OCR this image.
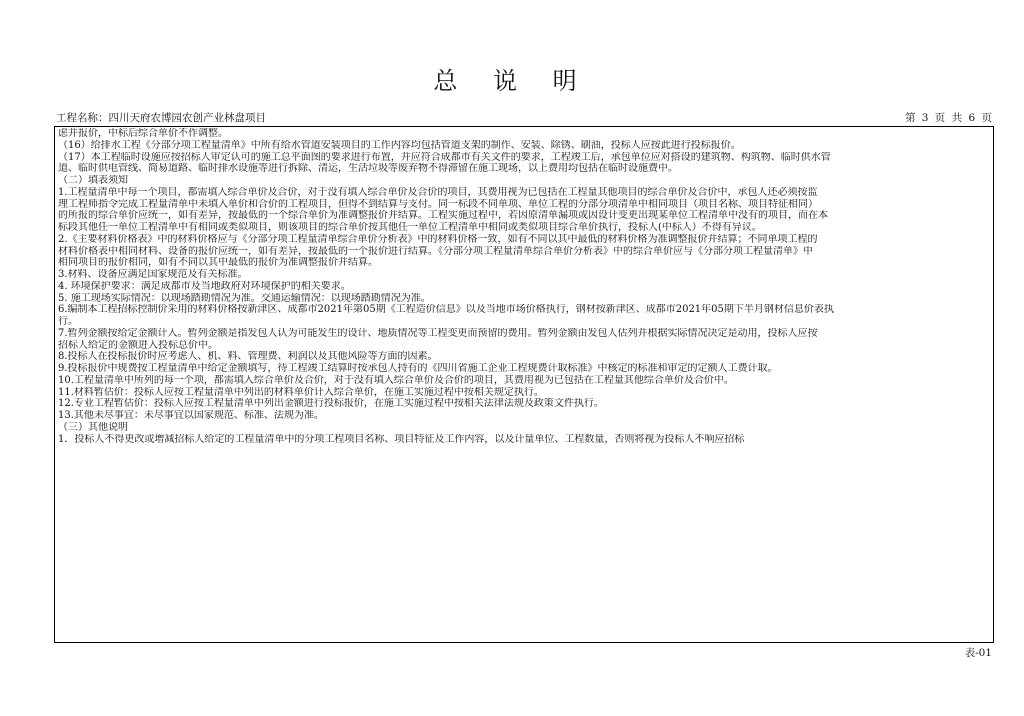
总 说 明
工程名称：四川天府农博园农创产业林盘项目	第 3 页 共 6 页
虑并报价，中标后综合单价不作调整。
（16）给排水工程《分部分项工程量清单》中所有给水管道安装项目的工作内容均包括管道支架的制作、安装、除锈、刷油，投标人应按此进行投标报价。
（17）本工程临时设施应按招标人审定认可的施工总平面图的要求进行布置，并应符合成都市有关文件的要求，工程竣工后，承包单位应对搭设的建筑物、构筑物、临时供水管
道、临时供电管线、简易道路、临时排水设施等进行拆除、清运，生活垃圾等废弃物不得滞留在施工现场，以上费用均包括在临时设施费中。
（二）填表须知
1.工程量清单中每一个项目，都需填入综合单价及合价，对于没有填入综合单价及合价的项目，其费用视为已包括在工程量其他项目的综合单价及合价中，承包人还必须按监
理工程师指令完成工程量清单中未填入单价和合价的工程项目，但得不到结算与支付。同一标段不同单项、单位工程的分部分项清单中相同项目（项目名称、项目特征相同）
的所报的综合单价应统一，如有差异，按最低的一个综合单价为准调整报价并结算。工程实施过程中，若因原清单漏项或因设计变更出现某单位工程清单中没有的项目，而在本
标段其他任一单位工程清单中有相同或类似项目，则该项目的综合单价按其他任一单位工程清单中相同或类似项目综合单价执行，投标人(中标人）不得有异议。
2.《主要材料价格表》中的材料价格应与《分部分项工程量清单综合单价分析表》中的材料价格一致，如有不同以其中最低的材料价格为准调整报价并结算；不同单项工程的
材料价格表中相同材料、设备的报价应统一，如有差异，按最低的一个报价进行结算。《分部分项工程量清单综合单价分析表》中的综合单价应与《分部分项工程量清单》中
相同项目的报价相同，如有不同以其中最低的报价为准调整报价并结算。
3.材料、设备应满足国家规范及有关标准。
4. 环境保护要求：满足成都市及当地政府对环境保护的相关要求。
5. 施工现场实际情况：以现场踏勘情况为准。交通运输情况：以现场踏勘情况为准。
6.编制本工程招标控制价采用的材料价格按新津区、成都市2021年第05期《工程造价信息》以及当地市场价格执行，钢材按新津区、成都市2021年05期下半月钢材信息价表执
行。
7.暂列金额按给定金额计入。暂列金额是指发包人认为可能发生的设计、地质情况等工程变更而预留的费用。暂列金额由发包人估列并根据实际情况决定是动用，投标人应按
招标人给定的金额进入投标总价中。
8.投标人在投标报价时应考虑人、机、料、管理费、利润以及其他风险等方面的因素。
9.投标报价中规费按工程量清单中给定金额填写，待工程竣工结算时按承包人持有的《四川省施工企业工程规费计取标准》中核定的标准和审定的定额人工费计取。
10.工程量清单中所列的每一个项，都需填入综合单价及合价，对于没有填入综合单价及合价的项目，其费用视为已包括在工程量其他综合单价及合价中。
11.材料暂估价：投标人应按工程量清单中列出的材料单价计入综合单价，在施工实施过程中按相关规定执行。
12.专业工程暂估价：投标人应按工程量清单中列出金额进行投标报价，在施工实施过程中按相关法律法规及政策文件执行。
13.其他未尽事宜：未尽事宜以国家规范、标准、法规为准。
（三）其他说明
1．投标人不得更改或增减招标人给定的工程量清单中的分项工程项目名称、项目特征及工作内容，以及计量单位、工程数量，否则将视为投标人不响应招标
表-01
